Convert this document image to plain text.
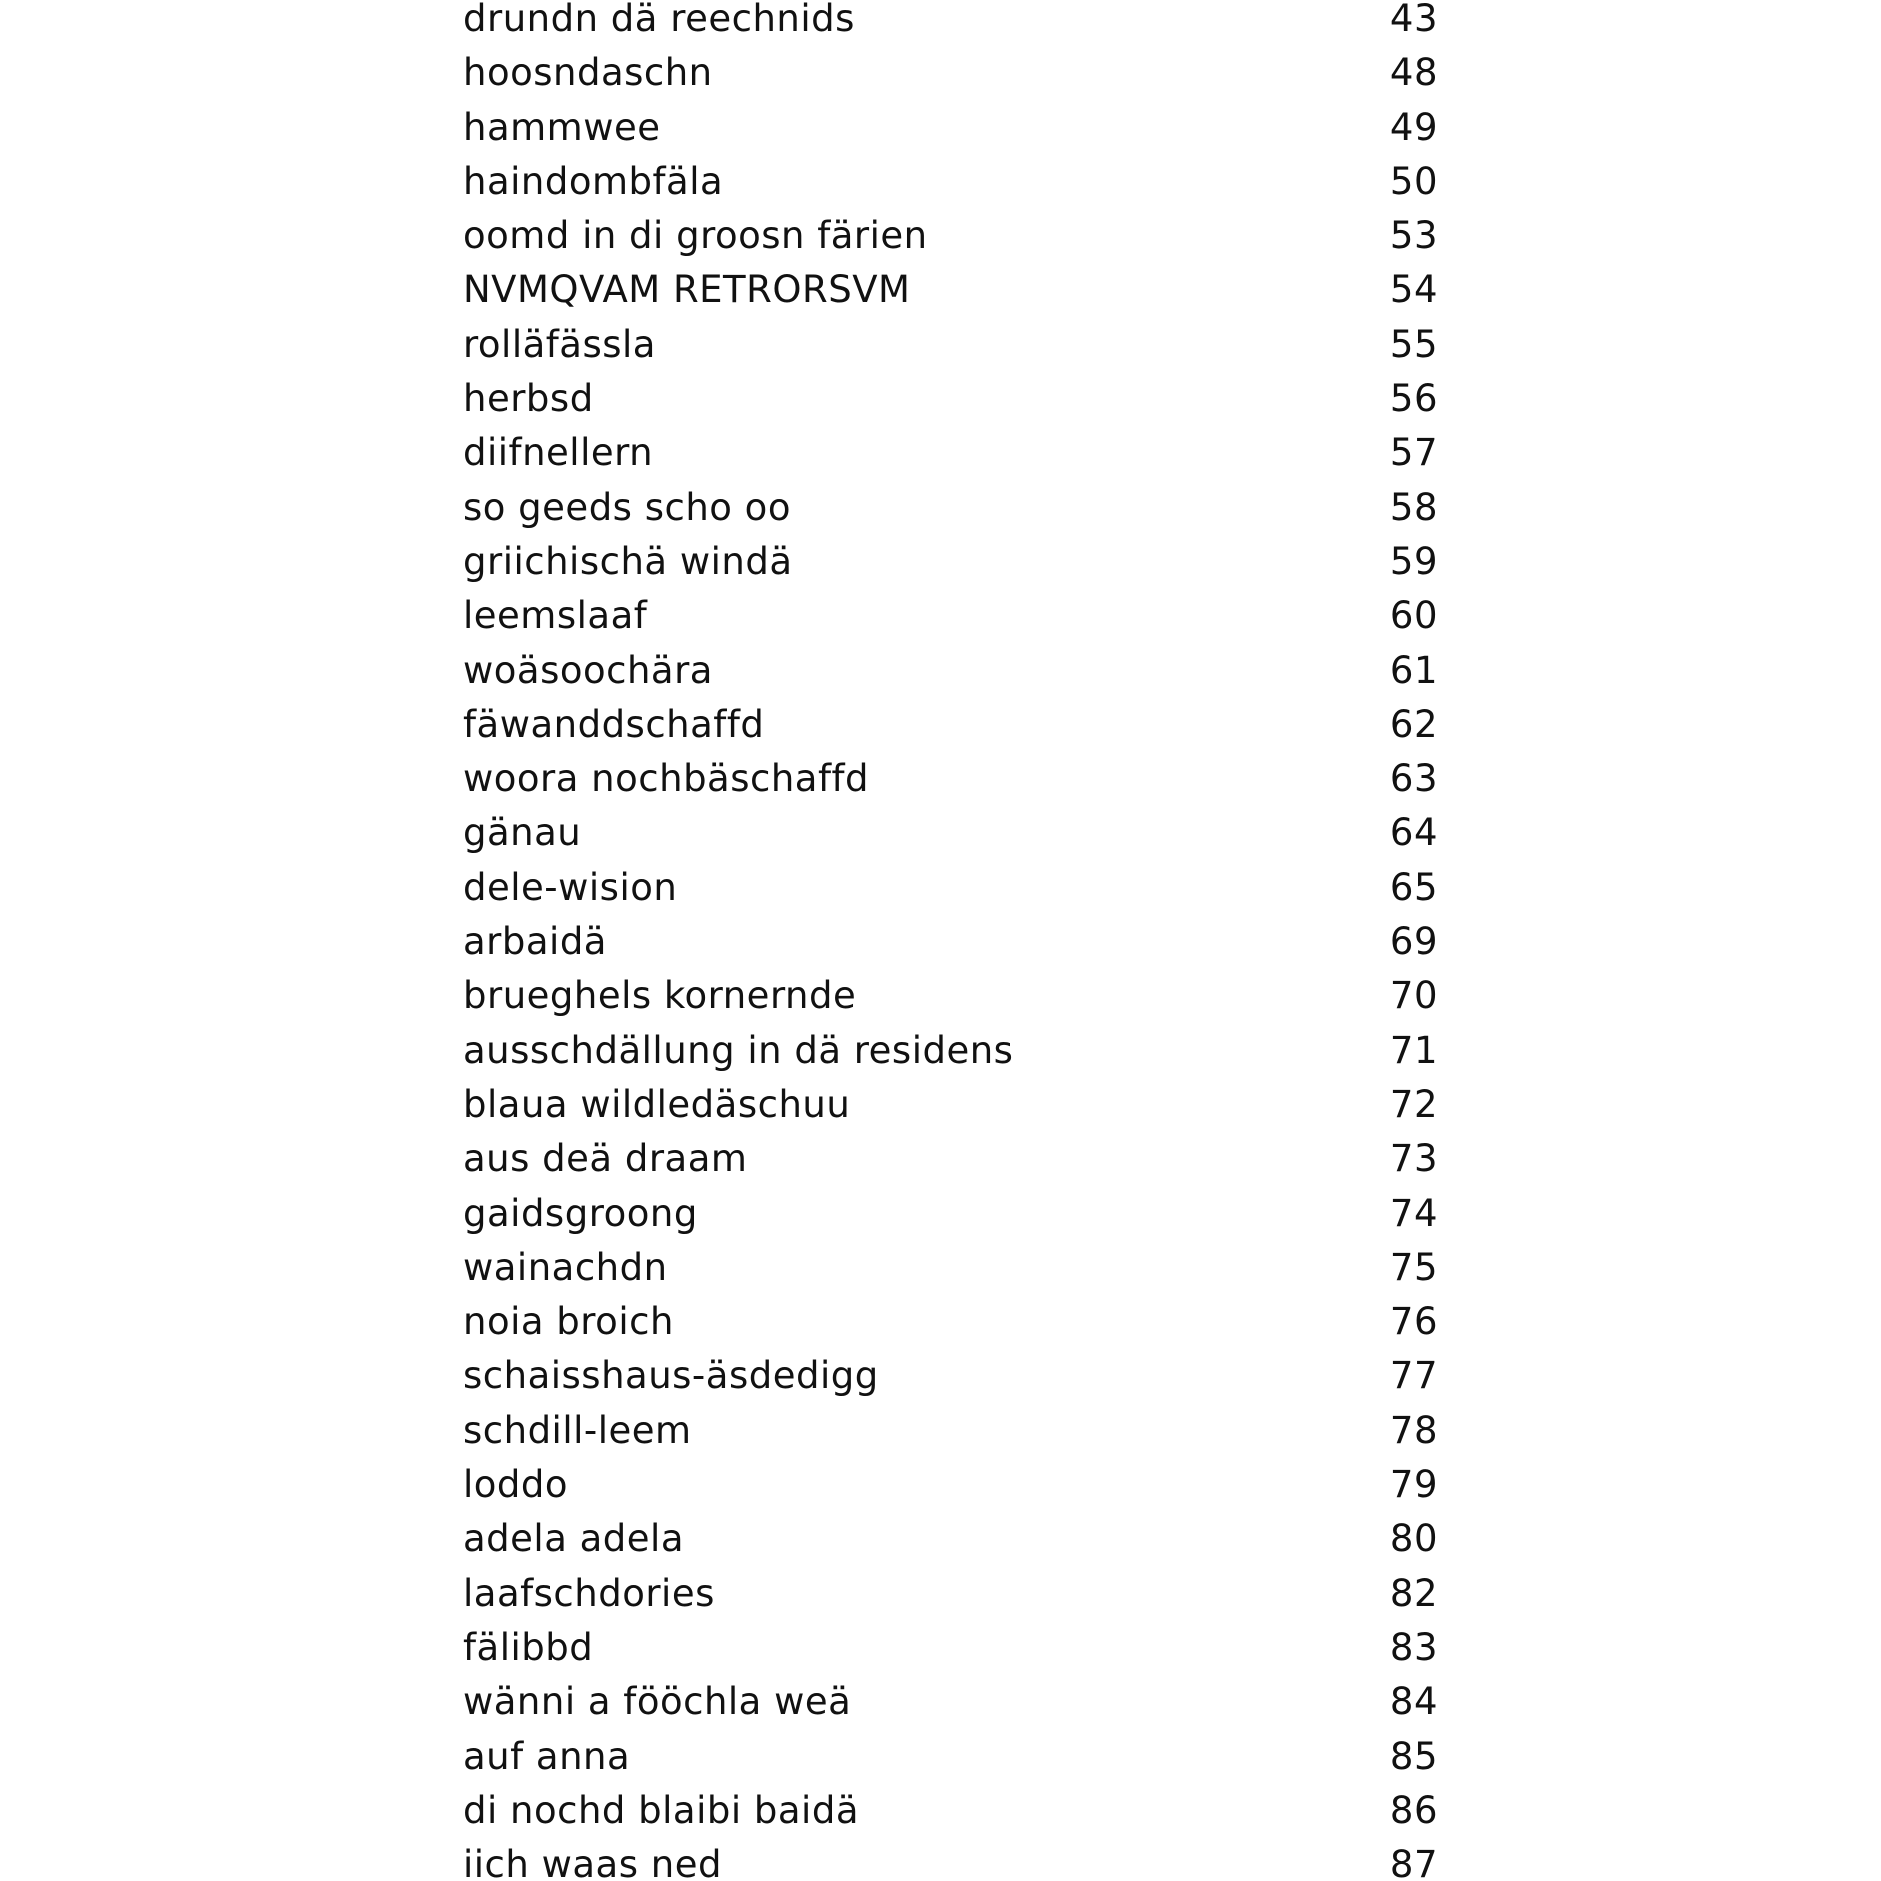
drundn dä reechnids	43
hoosndaschn	48
hammwee	49
haindombfäla	50
oomd in di groosn färien	53
NVMQVAM RETRORSVM	54
rolläfässla	55
herbsd	56
diifnellern	57
so geeds scho oo	58
griichischä windä	59
leemslaaf	60
woäsoochära	61
fäwanddschaffd	62
woora nochbäschaffd	63
gänau	64
dele-wision	65
arbaidä	69
brueghels kornernde	70
ausschdällung in dä residens	71
blaua wildledäschuu	72
aus deä draam	73
gaidsgroong	74
wainachdn	75
noia broich	76
schaisshaus-äsdedigg	77
schdill-leem	78
loddo	79
adela adela	80
laafschdories	82
fälibbd	83
wänni a fööchla weä	84
auf anna	85
di nochd blaibi baidä	86
iich waas ned	87
